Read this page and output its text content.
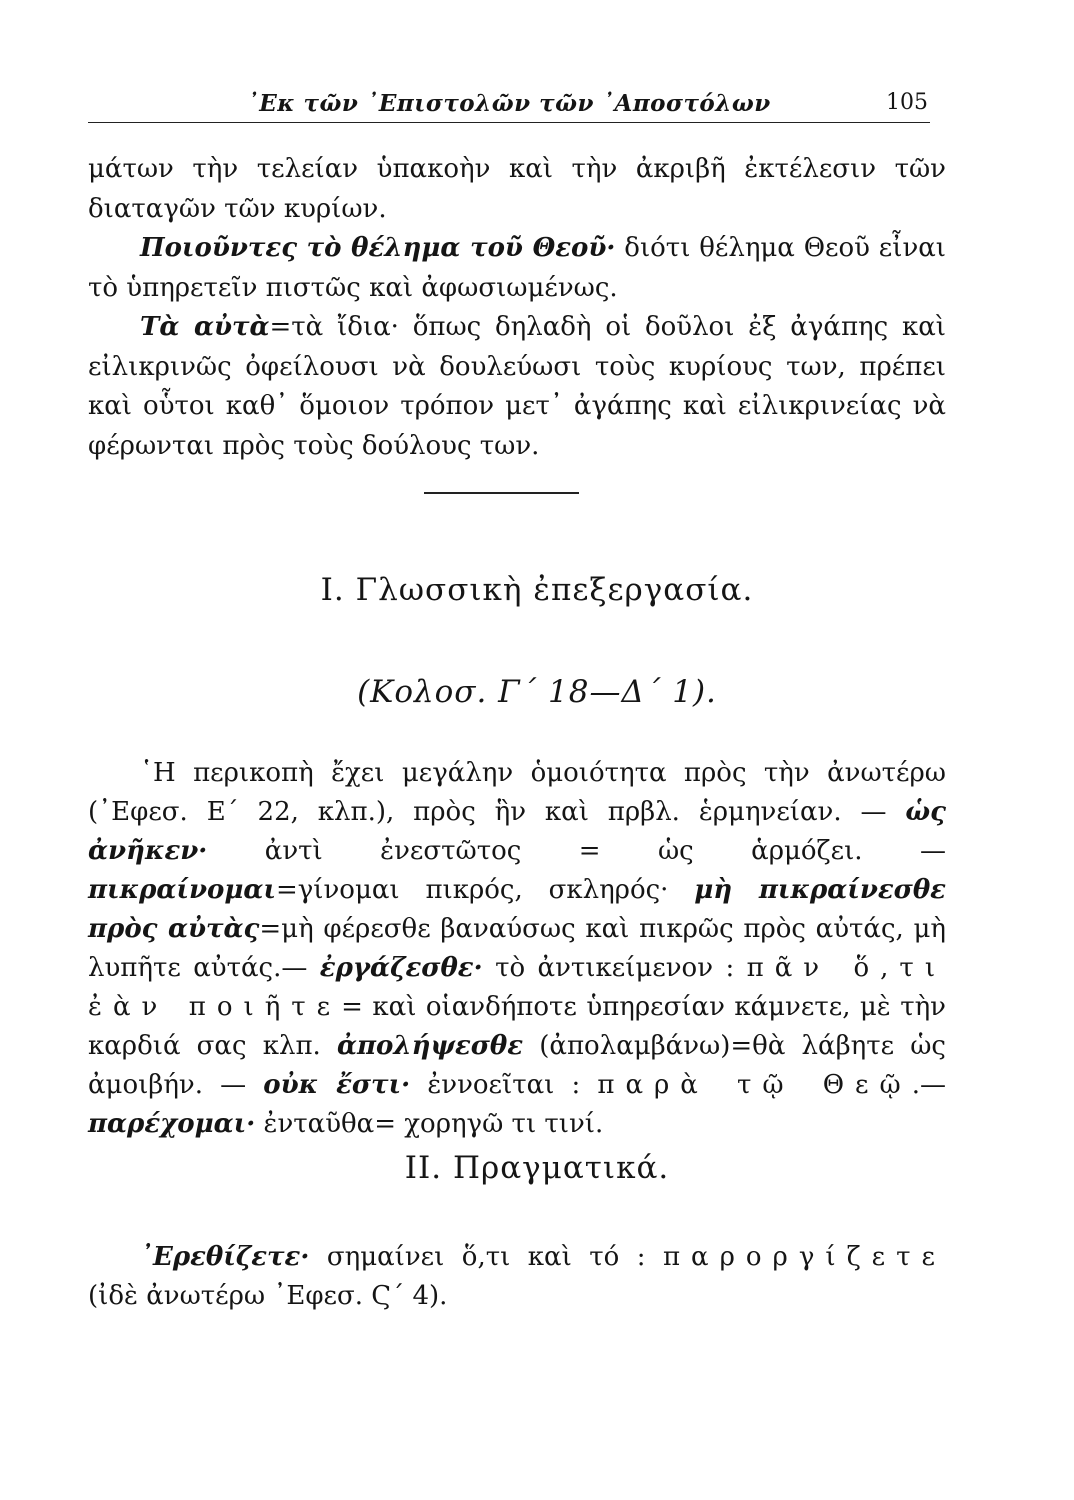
᾿Εκ τῶν ᾿Επιστολῶν τῶν ᾿Αποστόλων	105

μάτων τὴν τελείαν ὑπακοὴν καὶ τὴν ἀκριβῆ ἐκτέλεσιν τῶν διαταγῶν τῶν κυρίων.

Ποιοῦντες τὸ θέλημα τοῦ Θεοῦ· διότι θέλημα Θεοῦ εἶναι τὸ ὑπηρετεῖν πιστῶς καὶ ἀφωσιωμένως.

Τὰ αὐτὰ=τὰ ἴδια· ὅπως δηλαδὴ οἱ δοῦλοι ἐξ ἀγάπης καὶ εἰλικρινῶς ὀφείλουσι νὰ δουλεύωσι τοὺς κυρίους των, πρέπει καὶ οὗτοι καθ᾿ ὅμοιον τρόπον μετ᾿ ἀγάπης καὶ εἰλικρινείας νὰ φέρωνται πρὸς τοὺς δούλους των.

Ι. Γλωσσικὴ ἐπεξεργασία.
(Κολοσ. Γ΄ 18—Δ΄ 1).

῾Η περικοπὴ ἔχει μεγάλην ὁμοιότητα πρὸς τὴν ἀνωτέρω (᾿Εφεσ. Ε΄ 22, κλπ.), πρὸς ἣν καὶ πρβλ. ἑρμηνείαν. — ὡς ἀνῆκεν· ἀντὶ ἐνεστῶτος = ὡς ἁρμόζει. — πικραίνομαι=γίνομαι πικρός, σκληρός· μὴ πικραίνεσθε πρὸς αὐτὰς=μὴ φέρεσθε βαναύσως καὶ πικρῶς πρὸς αὐτάς, μὴ λυπῆτε αὐτάς.— ἐργάζεσθε· τὸ ἀντικείμενον : πᾶν ὅ,τι ἐὰν ποιῆτε= καὶ οἱανδήποτε ὑπηρεσίαν κάμνετε, μὲ τὴν καρδιά σας κλπ. ἀπολήψεσθε (ἀπολαμβάνω)=θὰ λάβητε ὡς ἀμοιβήν. — οὐκ ἔστι· ἐννοεῖται : παρὰ τῷ Θεῷ.—παρέχομαι· ἐνταῦθα= χορηγῶ τι τινί.

ΙΙ. Πραγματικά.

᾿Ερεθίζετε· σημαίνει ὅ,τι καὶ τό : παροργίζετε (ἰδὲ ἀνωτέρω ᾿Εφεσ. Ϛ΄ 4).
